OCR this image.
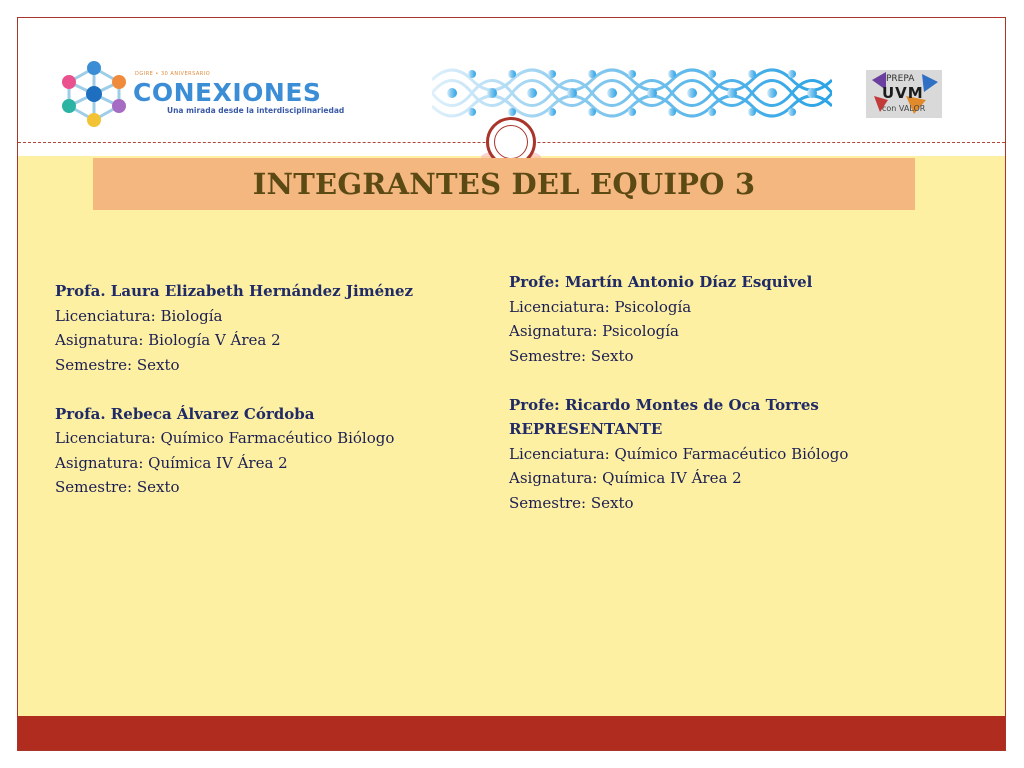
DGIRE • 30 ANIVERSARIO
CONEXIONES
Una mirada desde la interdisciplinariedad
PREPA
UVM
con VALOR
INTEGRANTES DEL EQUIPO 3
Profa. Laura Elizabeth Hernández Jiménez
Licenciatura: Biología
Asignatura: Biología V Área 2
Semestre: Sexto
Profa. Rebeca Álvarez Córdoba
Licenciatura: Químico Farmacéutico Biólogo
Asignatura: Química IV Área 2
Semestre: Sexto
Profe: Martín Antonio Díaz Esquivel
Licenciatura: Psicología
Asignatura: Psicología
Semestre: Sexto
Profe: Ricardo Montes de Oca Torres
REPRESENTANTE
Licenciatura: Químico Farmacéutico Biólogo
Asignatura: Química IV Área 2
Semestre: Sexto
